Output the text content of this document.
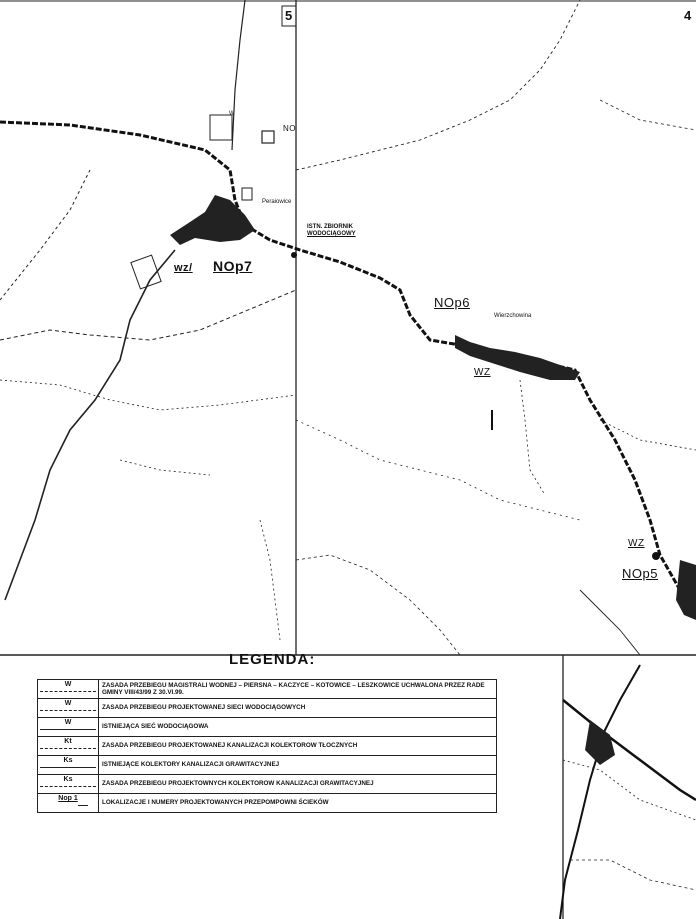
5	4
NO
Peraiowice
ISTN. ZBIORNIK
WODOCIĄGOWY
wz/ NOp7
NOp6
Wierzchowina
WZ
WZ
NOp5
W
LEGENDA:
W	ZASADA PRZEBIEGU MAGISTRALI WODNEJ – PIERSNA – KACZYCE – KOTOWICE – LESZKOWICE UCHWALONA PRZEZ RADE GMINY VIII/43/99 Z 30.VI.99.

W	ZASADA PRZEBIEGU PROJEKTOWANEJ SIECI WODOCIĄGOWYCH

W	ISTNIEJĄCA SIEĆ WODOCIĄGOWA

Kt	ZASADA PRZEBIEGU PROJEKTOWANEJ KANALIZACJI KOLEKTOROW TŁOCZNYCH

Ks	ISTNIEJĄCE KOLEKTORY KANALIZACJI GRAWITACYJNEJ

Ks	ZASADA PRZEBIEGU PROJEKTOWNYCH KOLEKTOROW KANALIZACJI GRAWITACYJNEJ

Nop 1	LOKALIZACJE I NUMERY PROJEKTOWANYCH PRZEPOMPOWNI ŚCIEKÓW
